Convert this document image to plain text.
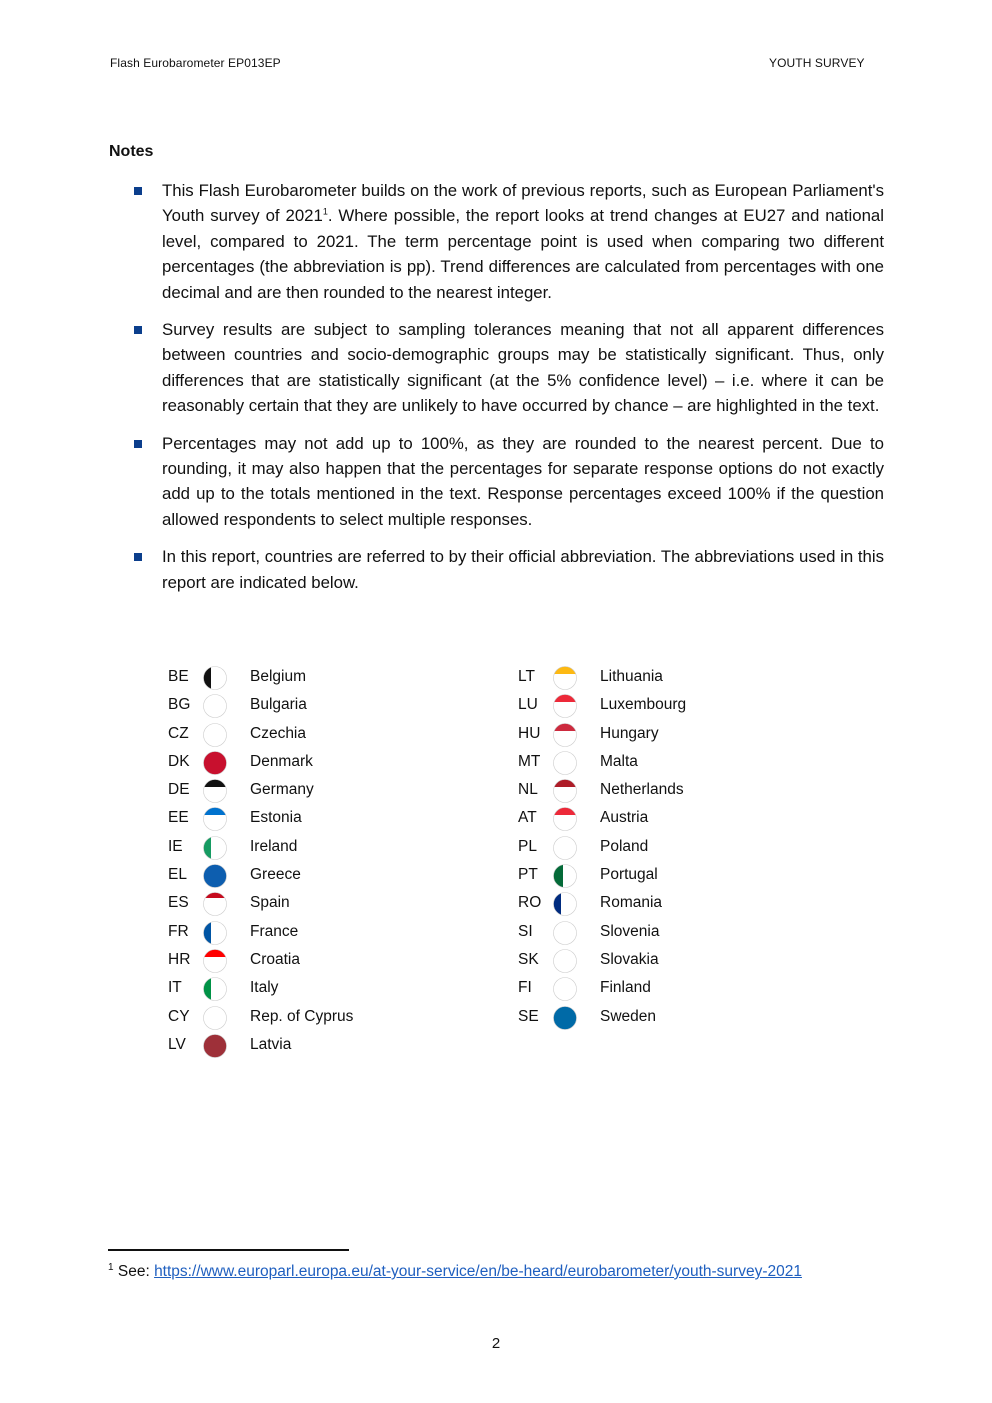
Flash Eurobarometer EP013EP	YOUTH SURVEY
Notes
This Flash Eurobarometer builds on the work of previous reports, such as European Parliament's Youth survey of 2021$^1$. Where possible, the report looks at trend changes at EU27 and national level, compared to 2021. The term percentage point is used when comparing two different percentages (the abbreviation is pp). Trend differences are calculated from percentages with one decimal and are then rounded to the nearest integer.
Survey results are subject to sampling tolerances meaning that not all apparent differences between countries and socio-demographic groups may be statistically significant. Thus, only differences that are statistically significant (at the 5% confidence level) – i.e. where it can be reasonably certain that they are unlikely to have occurred by chance – are highlighted in the text.
Percentages may not add up to 100%, as they are rounded to the nearest percent. Due to rounding, it may also happen that the percentages for separate response options do not exactly add up to the totals mentioned in the text. Response percentages exceed 100% if the question allowed respondents to select multiple responses.
In this report, countries are referred to by their official abbreviation. The abbreviations used in this report are indicated below.
BE	Belgium
BG	Bulgaria
CZ	Czechia
DK	Denmark
DE	Germany
EE	Estonia
IE	Ireland
EL	Greece
ES	Spain
FR	France
HR	Croatia
IT	Italy
CY	Rep. of Cyprus
LV	Latvia
LT	Lithuania
LU	Luxembourg
HU	Hungary
MT	Malta
NL	Netherlands
AT	Austria
PL	Poland
PT	Portugal
RO	Romania
SI	Slovenia
SK	Slovakia
FI	Finland
SE	Sweden
$^1$ See: https://www.europarl.europa.eu/at-your-service/en/be-heard/eurobarometer/youth-survey-2021
2
